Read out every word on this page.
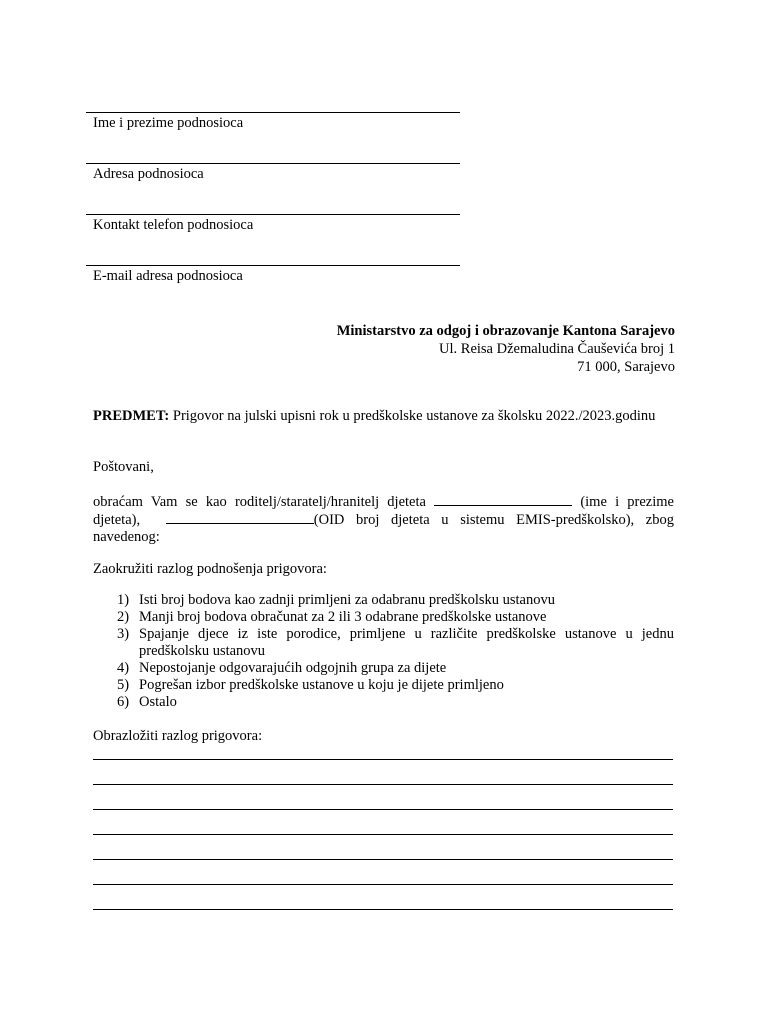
Ime i prezime podnosioca
Adresa podnosioca
Kontakt telefon podnosioca
E-mail adresa podnosioca
Ministarstvo za odgoj i obrazovanje Kantona Sarajevo
Ul. Reisa Džemaludina Čauševića broj 1
71 000, Sarajevo
PREDMET: Prigovor na julski upisni rok u predškolske ustanove za školsku 2022./2023.godinu
Poštovani,
obraćam Vam se kao roditelj/staratelj/hranitelj djeteta	(ime i prezime djeteta),	(OID broj djeteta u sistemu EMIS-predškolsko), zbog navedenog:
Zaokružiti razlog podnošenja prigovora:
1) Isti broj bodova kao zadnji primljeni za odabranu predškolsku ustanovu
2) Manji broj bodova obračunat za 2 ili 3 odabrane predškolske ustanove
3) Spajanje djece iz iste porodice, primljene u različite predškolske ustanove u jednu predškolsku ustanovu
4) Nepostojanje odgovarajućih odgojnih grupa za dijete
5) Pogrešan izbor predškolske ustanove u koju je dijete primljeno
6) Ostalo
Obrazložiti razlog prigovora:
